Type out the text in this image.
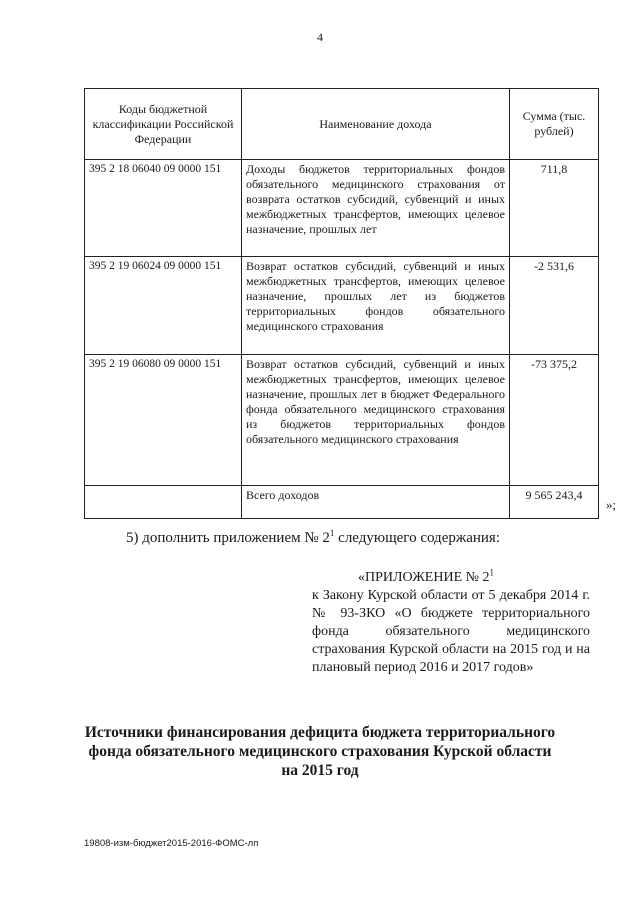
4
Коды бюджетной классификации Российской Федерации	Наименование дохода	Сумма (тыс. рублей)
395 2 18 06040 09 0000 151	Доходы бюджетов территориальных фондов обязательного медицинского страхования от возврата остатков субсидий, субвенций и иных межбюджетных трансфертов, имеющих целевое назначение, прошлых лет	711,8
395 2 19 06024 09 0000 151	Возврат остатков субсидий, субвенций и иных межбюджетных трансфертов, имеющих целевое назначение, прошлых лет из бюджетов территориальных фондов обязательного медицинского страхования	-2 531,6
395 2 19 06080 09 0000 151	Возврат остатков субсидий, субвенций и иных межбюджетных трансфертов, имеющих целевое назначение, прошлых лет в бюджет Федерального фонда обязательного медицинского страхования из бюджетов территориальных фондов обязательного медицинского страхования	-73 375,2
	Всего доходов	9 565 243,4
»;
5) дополнить приложением № $2^1$ следующего содержания:
«ПРИЛОЖЕНИЕ № $2^1$
к Закону Курской области от 5 декабря 2014 г. № 93-ЗКО «О бюджете территориального фонда обязательного медицинского страхования Курской области на 2015 год и на плановый период 2016 и 2017 годов»
Источники финансирования дефицита бюджета территориального фонда обязательного медицинского страхования Курской области на 2015 год
19808-изм-бюджет2015-2016-ФОМС-лп
